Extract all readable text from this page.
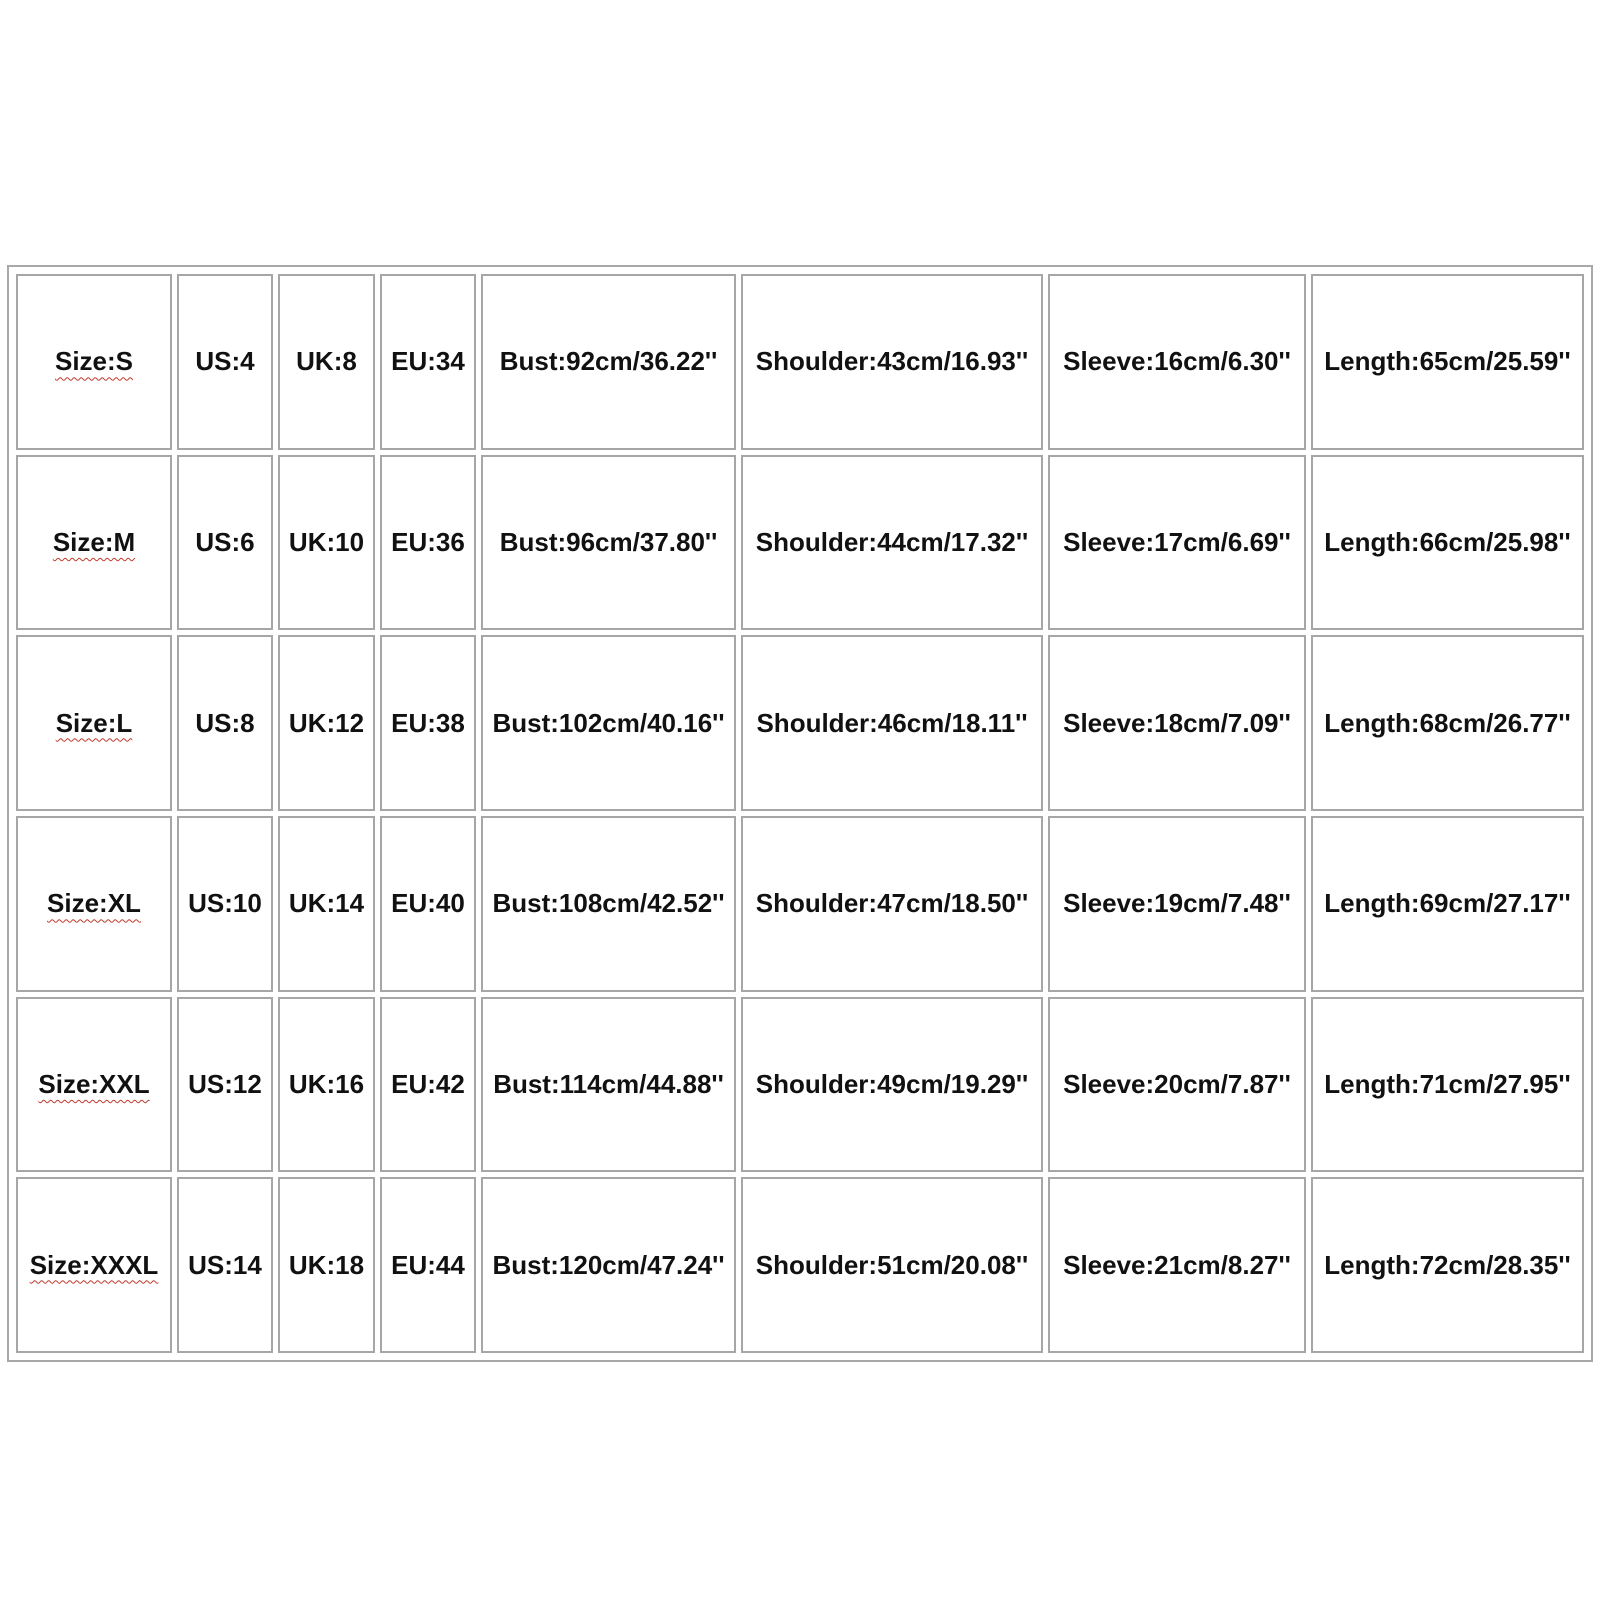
Size:S	US:4	UK:8	EU:34	Bust:92cm/36.22''	Shoulder:43cm/16.93''	Sleeve:16cm/6.30''	Length:65cm/25.59''
Size:M	US:6	UK:10	EU:36	Bust:96cm/37.80''	Shoulder:44cm/17.32''	Sleeve:17cm/6.69''	Length:66cm/25.98''
Size:L	US:8	UK:12	EU:38	Bust:102cm/40.16''	Shoulder:46cm/18.11''	Sleeve:18cm/7.09''	Length:68cm/26.77''
Size:XL	US:10	UK:14	EU:40	Bust:108cm/42.52''	Shoulder:47cm/18.50''	Sleeve:19cm/7.48''	Length:69cm/27.17''
Size:XXL	US:12	UK:16	EU:42	Bust:114cm/44.88''	Shoulder:49cm/19.29''	Sleeve:20cm/7.87''	Length:71cm/27.95''
Size:XXXL	US:14	UK:18	EU:44	Bust:120cm/47.24''	Shoulder:51cm/20.08''	Sleeve:21cm/8.27''	Length:72cm/28.35''
